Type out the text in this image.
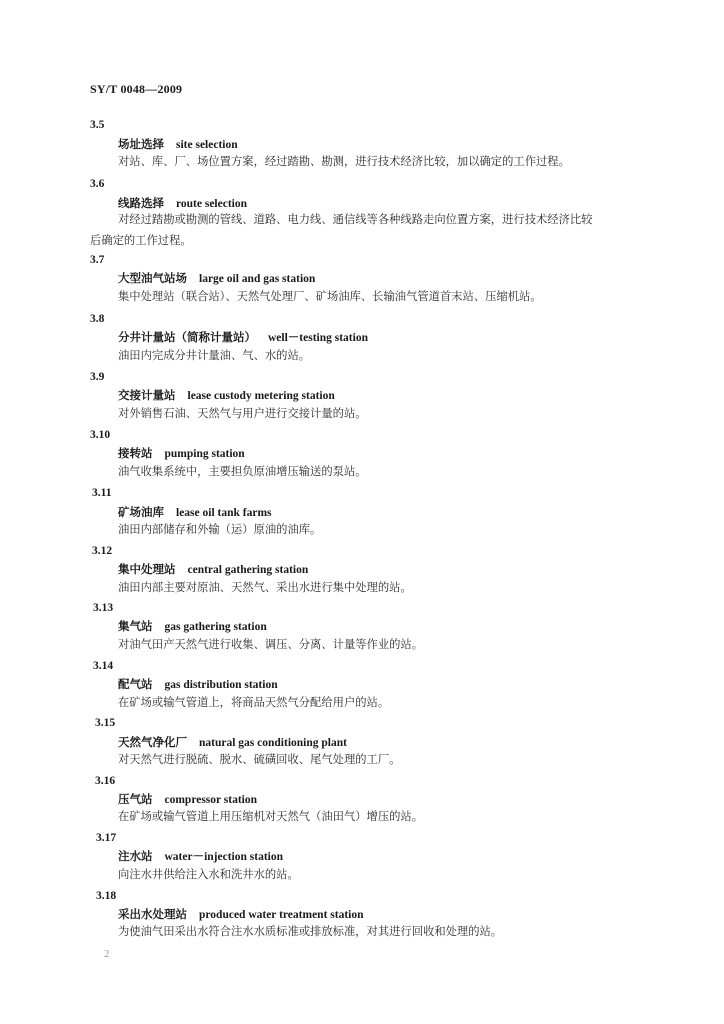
SY/T 0048—2009
3.5
场址选择 site selection
对站、库、厂、场位置方案，经过踏勘、勘测，进行技术经济比较，加以确定的工作过程。
3.6
线路选择 route selection
对经过踏勘或勘测的管线、道路、电力线、通信线等各种线路走向位置方案，进行技术经济比较
后确定的工作过程。
3.7
大型油气站场 large oil and gas station
集中处理站（联合站）、天然气处理厂、矿场油库、长输油气管道首末站、压缩机站。
3.8
分井计量站（简称计量站） well－testing station
油田内完成分井计量油、气、水的站。
3.9
交接计量站 lease custody metering station
对外销售石油、天然气与用户进行交接计量的站。
3.10
接转站 pumping station
油气收集系统中，主要担负原油增压输送的泵站。
3.11
矿场油库 lease oil tank farms
油田内部储存和外输（运）原油的油库。
3.12
集中处理站 central gathering station
油田内部主要对原油、天然气、采出水进行集中处理的站。
3.13
集气站 gas gathering station
对油气田产天然气进行收集、调压、分离、计量等作业的站。
3.14
配气站 gas distribution station
在矿场或输气管道上，将商品天然气分配给用户的站。
3.15
天然气净化厂 natural gas conditioning plant
对天然气进行脱硫、脱水、硫磺回收、尾气处理的工厂。
3.16
压气站 compressor station
在矿场或输气管道上用压缩机对天然气（油田气）增压的站。
3.17
注水站 water－injection station
向注水井供给注入水和洗井水的站。
3.18
采出水处理站 produced water treatment station
为使油气田采出水符合注水水质标准或排放标准，对其进行回收和处理的站。
2
